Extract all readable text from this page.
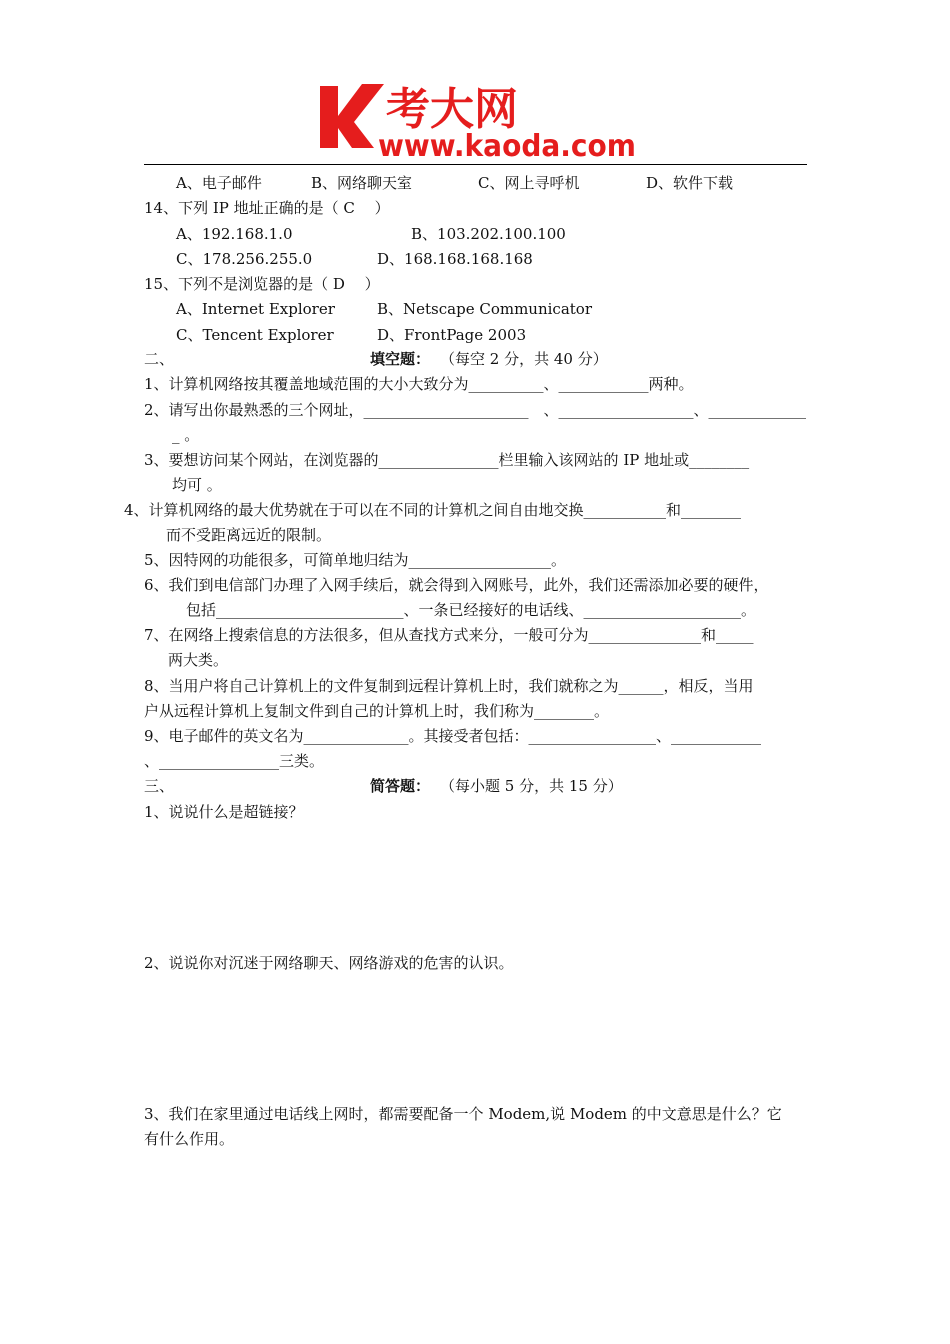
考大网
www.kaoda.com
A、电子邮件	B、网络聊天室	C、网上寻呼机	D、软件下载
14、下列 IP 地址正确的是（ C　 ）
A、192.168.1.0	B、103.202.100.100
C、178.256.255.0	D、168.168.168.168
15、下列不是浏览器的是（ D　 ）
A、Internet Explorer	B、Netscape Communicator
C、Tencent Explorer	D、FrontPage 2003
二、	填空题： （每空 2 分，共 40 分）
1、计算机网络按其覆盖地域范围的大小大致分为__________、____________两种。
2、请写出你最熟悉的三个网址，______________________　、__________________、_____________
_ 。
3、要想访问某个网站，在浏览器的________________栏里输入该网站的 IP 地址或________
均可 。
4、计算机网络的最大优势就在于可以在不同的计算机之间自由地交换___________和________
而不受距离远近的限制。
5、因特网的功能很多，可简单地归结为___________________。
6、我们到电信部门办理了入网手续后，就会得到入网账号，此外，我们还需添加必要的硬件，
包括_________________________、一条已经接好的电话线、_____________________。
7、在网络上搜索信息的方法很多，但从查找方式来分，一般可分为_______________和_____
两大类。
8、当用户将自己计算机上的文件复制到远程计算机上时，我们就称之为______，相反，当用
户从远程计算机上复制文件到自己的计算机上时，我们称为________。
9、电子邮件的英文名为______________。其接受者包括：_________________、____________
、________________三类。
三、	简答题： （每小题 5 分，共 15 分）
1、说说什么是超链接？
2、说说你对沉迷于网络聊天、网络游戏的危害的认识。
3、我们在家里通过电话线上网时，都需要配备一个 Modem,说 Modem 的中文意思是什么？它
有什么作用。
